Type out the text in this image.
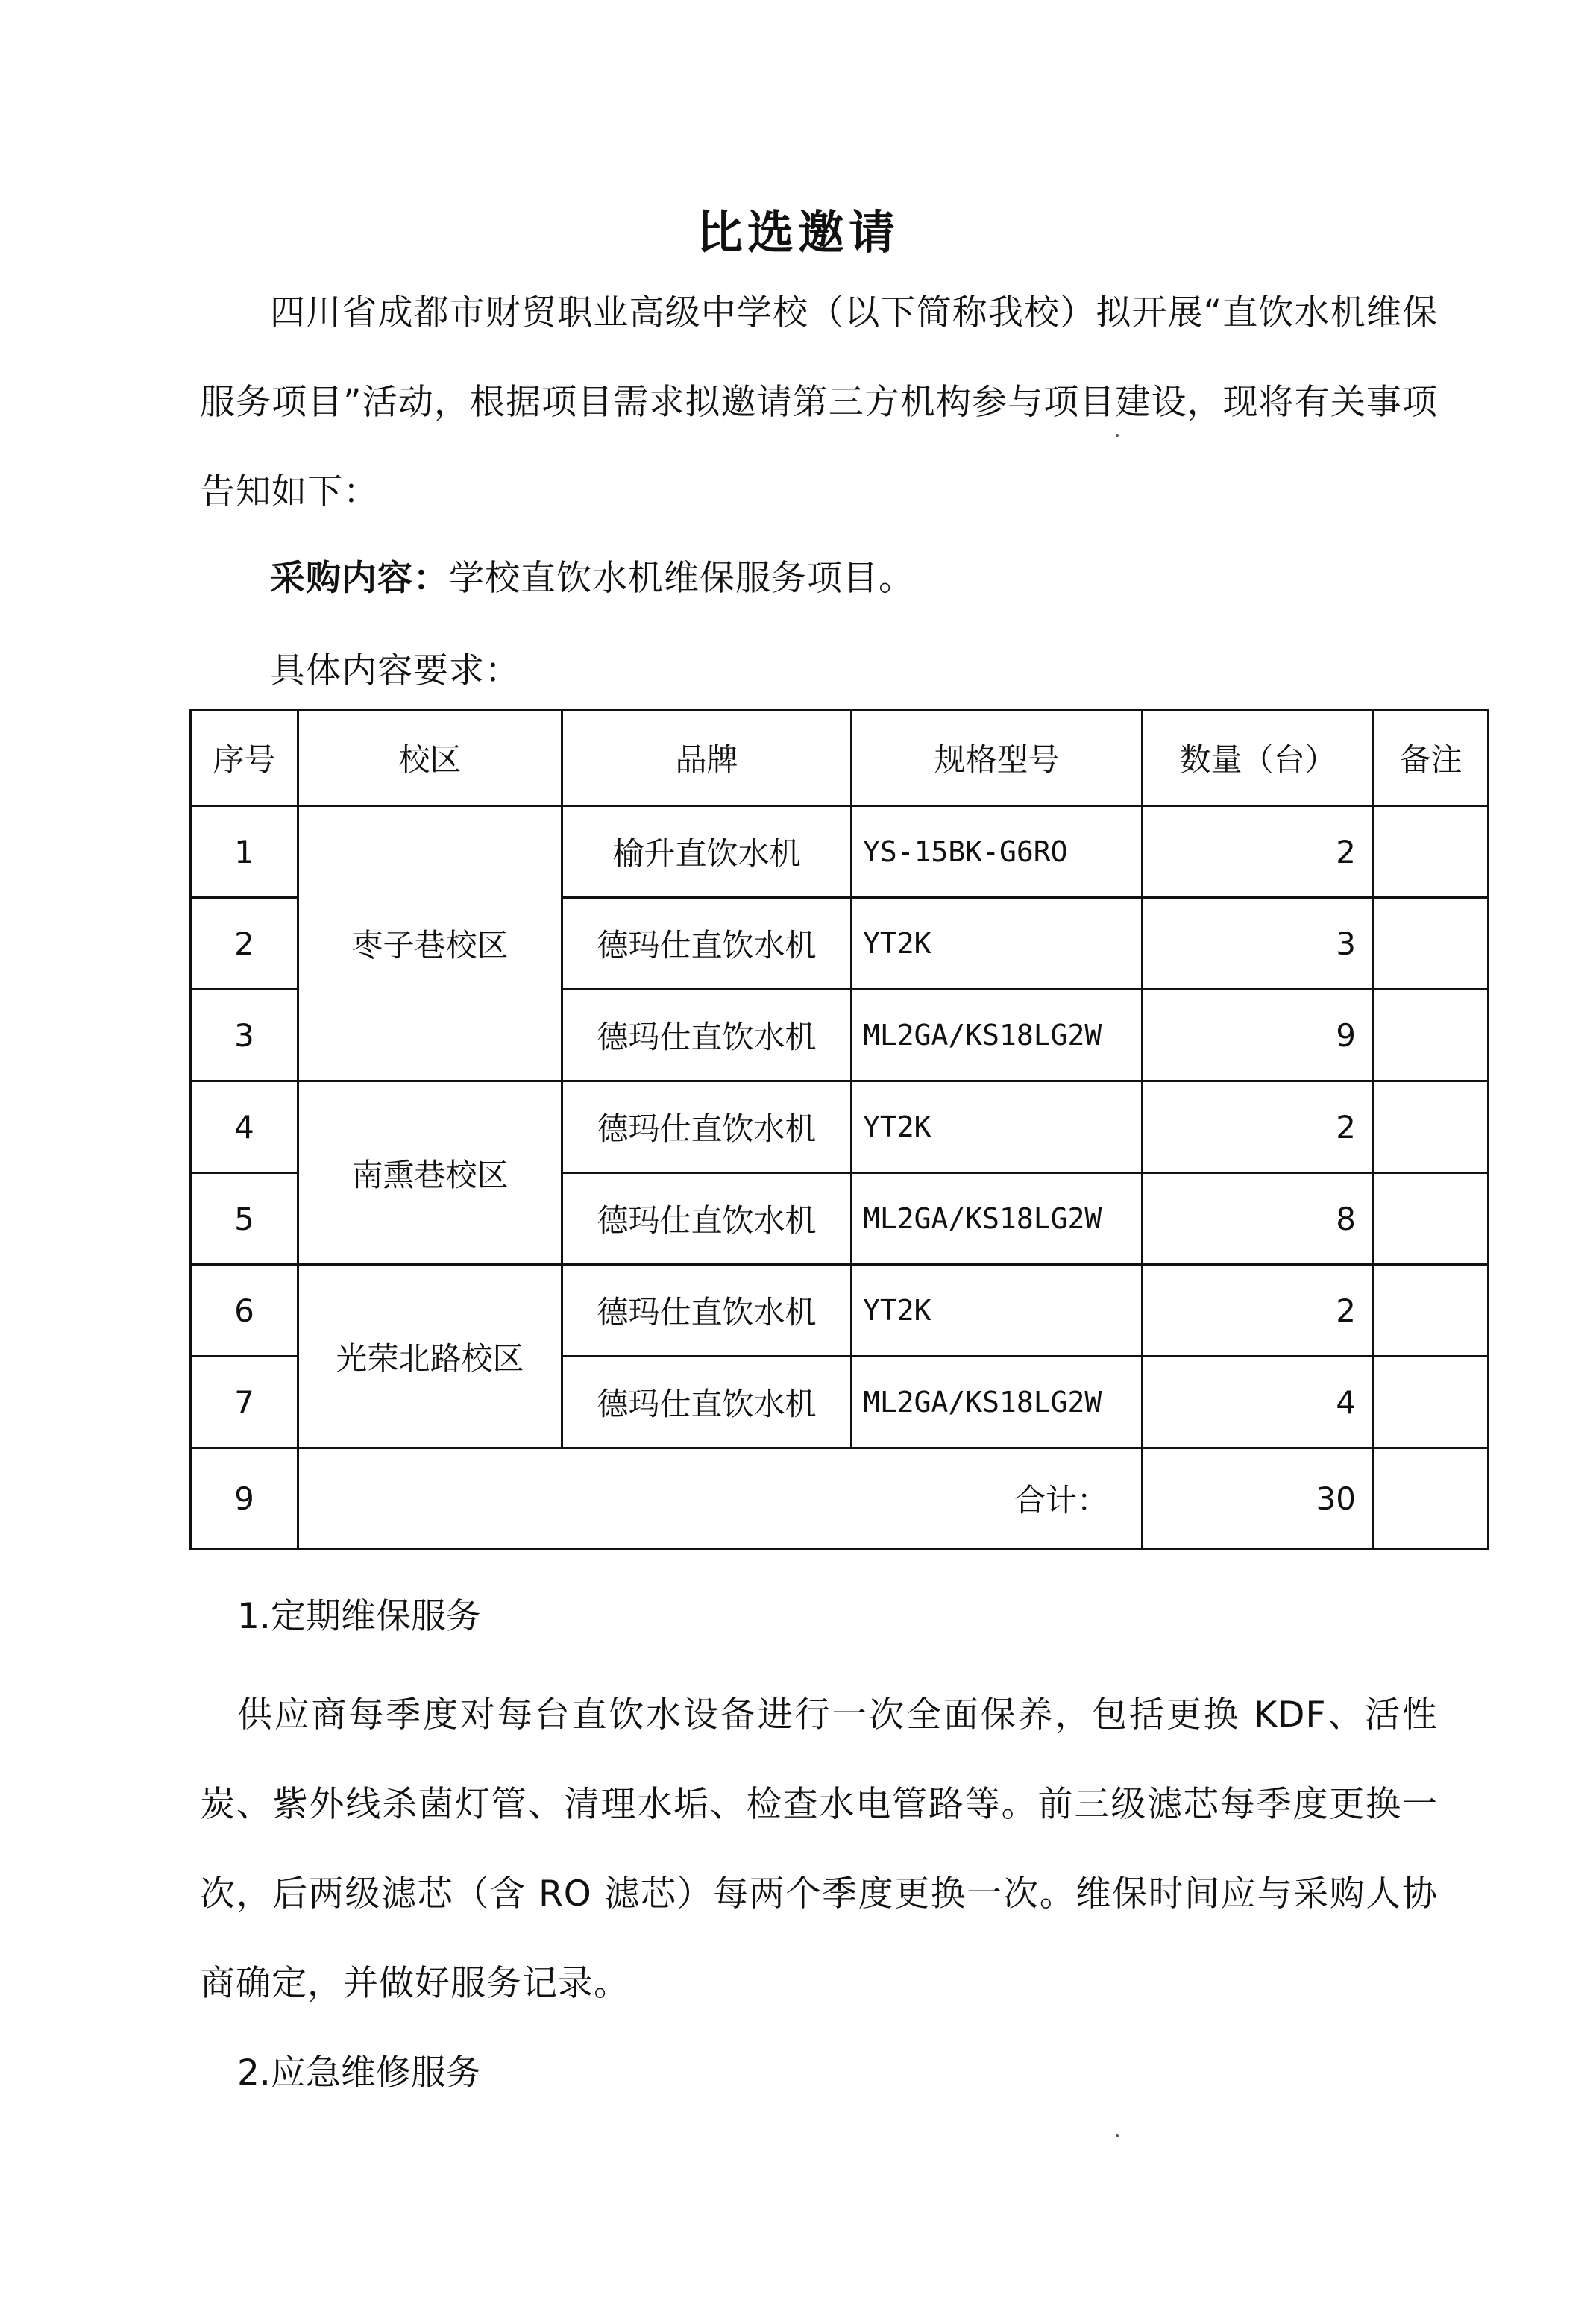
比选邀请
四川省成都市财贸职业高级中学校（以下简称我校）拟开展“直饮水机维保服务项目”活动，根据项目需求拟邀请第三方机构参与项目建设，现将有关事项告知如下：
采购内容：学校直饮水机维保服务项目。
具体内容要求：
序号	校区	品牌	规格型号	数量（台）	备注
1	枣子巷校区	榆升直饮水机	YS-15BK-G6RO	2	
2		德玛仕直饮水机	YT2K	3	
3		德玛仕直饮水机	ML2GA/KS18LG2W	9	
4	南熏巷校区	德玛仕直饮水机	YT2K	2	
5		德玛仕直饮水机	ML2GA/KS18LG2W	8	
6	光荣北路校区	德玛仕直饮水机	YT2K	2	
7		德玛仕直饮水机	ML2GA/KS18LG2W	4	
9	合计：			30	
1.定期维保服务
供应商每季度对每台直饮水设备进行一次全面保养，包括更换 KDF、活性炭、紫外线杀菌灯管、清理水垢、检查水电管路等。前三级滤芯每季度更换一次，后两级滤芯（含 RO 滤芯）每两个季度更换一次。维保时间应与采购人协商确定，并做好服务记录。
2.应急维修服务
